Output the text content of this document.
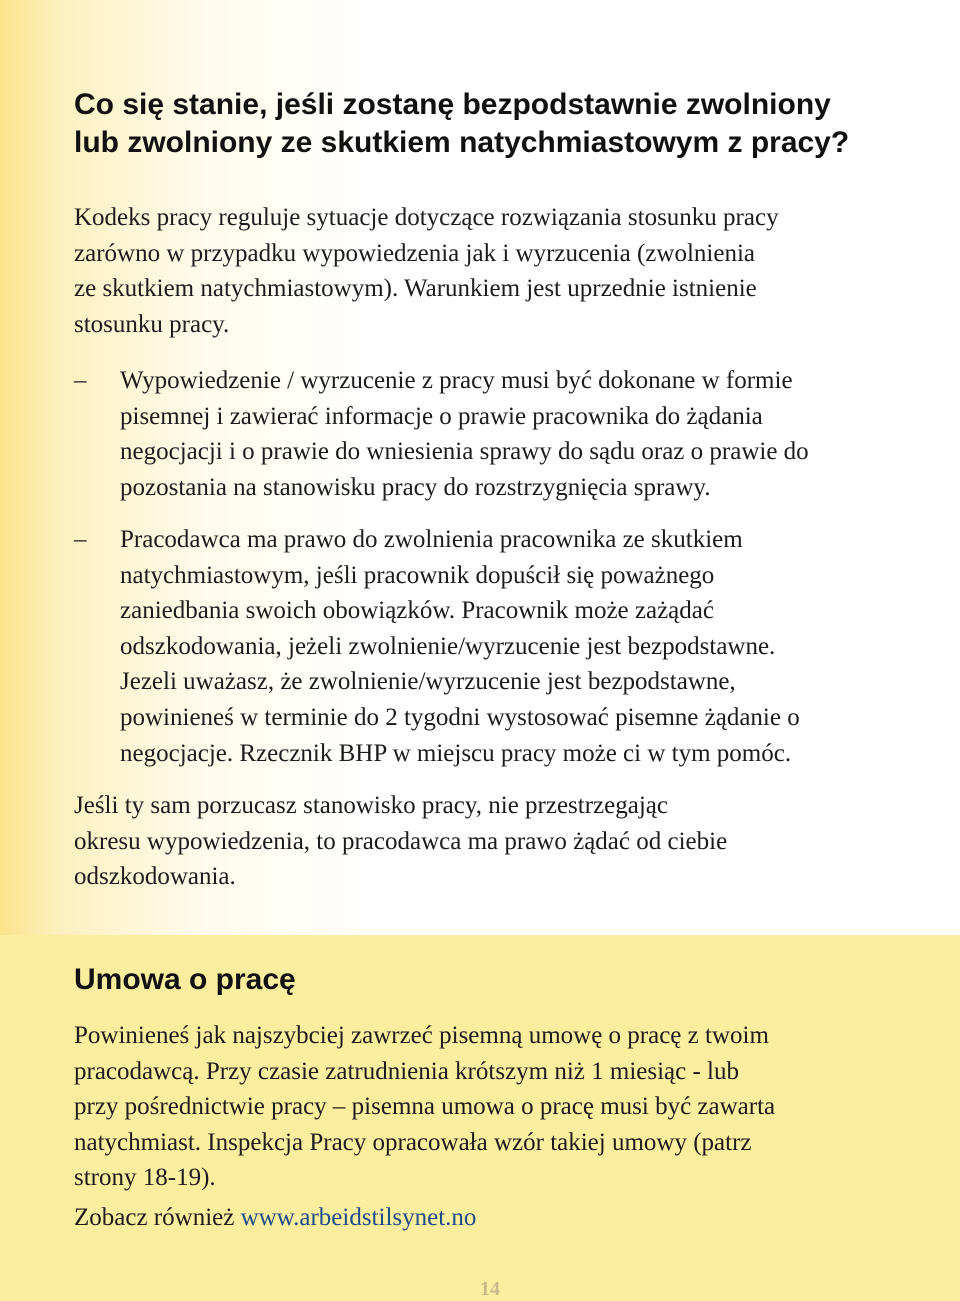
Co się stanie, jeśli zostanę bezpodstawnie zwolniony
lub zwolniony ze skutkiem natychmiastowym z pracy?

Kodeks pracy reguluje sytuacje dotyczące rozwiązania stosunku pracy
zarówno w przypadku wypowiedzenia jak i wyrzucenia (zwolnienia
ze skutkiem natychmiastowym). Warunkiem jest uprzednie istnienie
stosunku pracy.

–	Wypowiedzenie / wyrzucenie z pracy musi być dokonane w formie
pisemnej i zawierać informacje o prawie pracownika do żądania
negocjacji i o prawie do wniesienia sprawy do sądu oraz o prawie do
pozostania na stanowisku pracy do rozstrzygnięcia sprawy.
–	Pracodawca ma prawo do zwolnienia pracownika ze skutkiem
natychmiastowym, jeśli pracownik dopuścił się poważnego
zaniedbania swoich obowiązków. Pracownik może zażądać
odszkodowania, jeżeli zwolnienie/wyrzucenie jest bezpodstawne.
Jezeli uważasz, że zwolnienie/wyrzucenie jest bezpodstawne,
powinieneś w terminie do 2 tygodni wystosować pisemne żądanie o
negocjacje. Rzecznik BHP w miejscu pracy może ci w tym pomóc.

Jeśli ty sam porzucasz stanowisko pracy, nie przestrzegając
okresu wypowiedzenia, to pracodawca ma prawo żądać od ciebie
odszkodowania.

Umowa o pracę

Powinieneś jak najszybciej zawrzeć pisemną umowę o pracę z twoim
pracodawcą. Przy czasie zatrudnienia krótszym niż 1 miesiąc - lub
przy pośrednictwie pracy – pisemna umowa o pracę musi być zawarta
natychmiast. Inspekcja Pracy opracowała wzór takiej umowy (patrz
strony 18-19).

Zobacz również www.arbeidstilsynet.no

14
